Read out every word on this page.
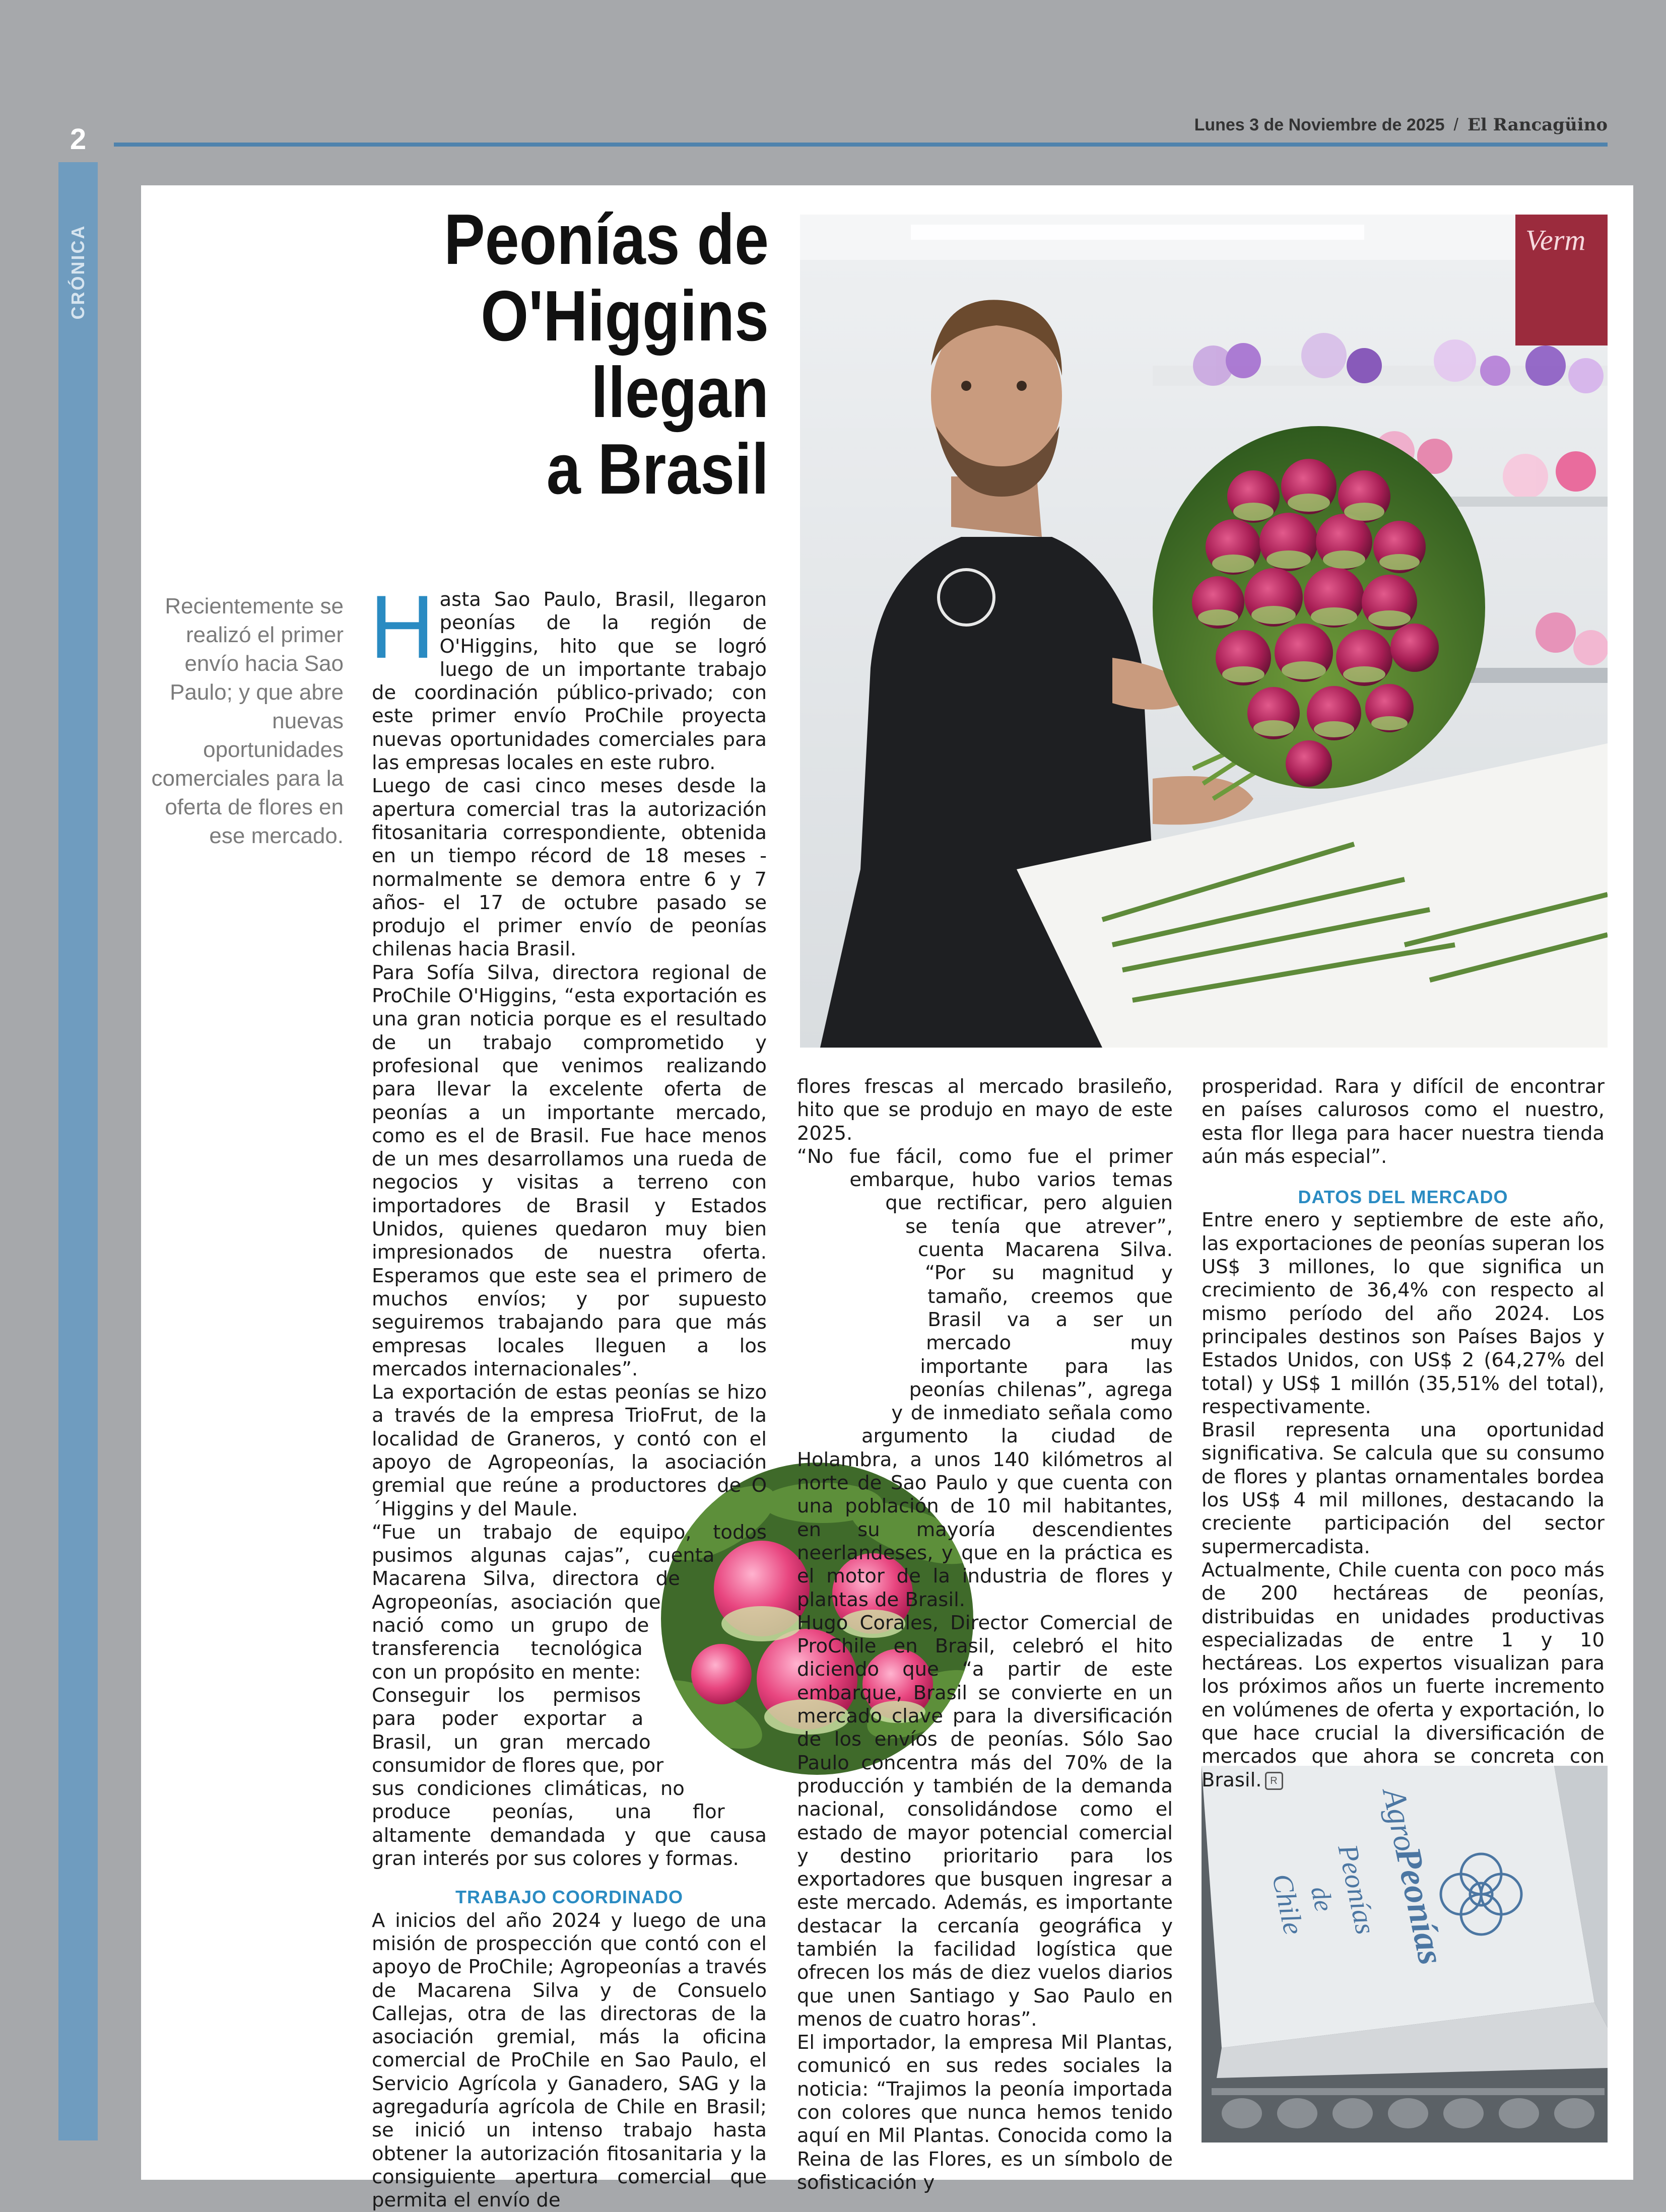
2
CRÓNICA
Lunes 3 de Noviembre de 2025 / El Rancagüino
Peonías de
O'Higgins
llegan
a Brasil
Recientemente se realizó el primer envío hacia Sao Paulo; y que abre nuevas oportunidades comerciales para la oferta de flores en ese mercado.
Verm
Agro
Peonías
Peonías
de
Chile
H asta Sao Paulo, Brasil, llegaron peonías de la región de O'Higgins, hito que se logró luego de un importante trabajo de coordinación público-privado; con este primer envío ProChile proyecta nuevas oportunidades comerciales para las empresas locales en este rubro.

Luego de casi cinco meses desde la apertura comercial tras la autorización fitosanitaria correspondiente, obtenida en un tiempo récord de 18 meses -normalmente se demora entre 6 y 7 años- el 17 de octubre pasado se produjo el primer envío de peonías chilenas hacia Brasil.

Para Sofía Silva, directora regional de ProChile O'Higgins, “esta exportación es una gran noticia porque es el resultado de un trabajo comprometido y profesional que venimos realizando para llevar la excelente oferta de peonías a un importante mercado, como es el de Brasil. Fue hace menos de un mes desarrollamos una rueda de negocios y visitas a terreno con importadores de Brasil y Estados Unidos, quienes quedaron muy bien impresionados de nuestra oferta. Esperamos que este sea el primero de muchos envíos; y por supuesto seguiremos trabajando para que más empresas locales lleguen a los mercados internacionales”.

La exportación de estas peonías se hizo a través de la empresa TrioFrut, de la localidad de Graneros, y contó con el apoyo de Agropeonías, la asociación gremial que reúne a productores de O´Higgins y del Maule.

“Fue un trabajo de equipo, todos pusimos algunas cajas”, cuenta Macarena Silva, directora de Agropeonías, asociación que nació como un grupo de transferencia tecnológica con un propósito en mente: Conseguir los permisos para poder exportar a Brasil, un gran mercado consumidor de flores que, por sus condiciones climáticas, no produce peonías, una flor altamente demandada y que causa gran interés por sus colores y formas.

TRABAJO COORDINADO

A inicios del año 2024 y luego de una misión de prospección que contó con el apoyo de ProChile; Agropeonías a través de Macarena Silva y de Consuelo Callejas, otra de las directoras de la asociación gremial, más la oficina comercial de ProChile en Sao Paulo, el Servicio Agrícola y Ganadero, SAG y la agregaduría agrícola de Chile en Brasil; se inició un intenso trabajo hasta obtener la autorización fitosanitaria y la consiguiente apertura comercial que permita el envío de

flores frescas al mercado brasileño, hito que se produjo en mayo de este 2025.

“No fue fácil, como fue el primer embarque, hubo varios temas que rectificar, pero alguien se tenía que atrever”, cuenta Macarena Silva. “Por su magnitud y tamaño, creemos que Brasil va a ser un mercado muy importante para las peonías chilenas”, agrega y de inmediato señala como argumento la ciudad de Holambra, a unos 140 kilómetros al norte de Sao Paulo y que cuenta con una población de 10 mil habitantes, en su mayoría descendientes neerlandeses, y que en la práctica es el motor de la industria de flores y plantas de Brasil.

Hugo Corales, Director Comercial de ProChile en Brasil, celebró el hito diciendo que “a partir de este embarque, Brasil se convierte en un mercado clave para la diversificación de los envíos de peonías. Sólo Sao Paulo concentra más del 70% de la producción y también de la demanda nacional, consolidándose como el estado de mayor potencial comercial y destino prioritario para los exportadores que busquen ingresar a este mercado. Además, es importante destacar la cercanía geográfica y también la facilidad logística que ofrecen los más de diez vuelos diarios que unen Santiago y Sao Paulo en menos de cuatro horas”.

El importador, la empresa Mil Plantas, comunicó en sus redes sociales la noticia: “Trajimos la peonía importada con colores que nunca hemos tenido aquí en Mil Plantas. Conocida como la Reina de las Flores, es un símbolo de sofisticación y

prosperidad. Rara y difícil de encontrar en países calurosos como el nuestro, esta flor llega para hacer nuestra tienda aún más especial”.

DATOS DEL MERCADO

Entre enero y septiembre de este año, las exportaciones de peonías superan los US$ 3 millones, lo que significa un crecimiento de 36,4% con respecto al mismo período del año 2024. Los principales destinos son Países Bajos y Estados Unidos, con US$ 2 (64,27% del total) y US$ 1 millón (35,51% del total), respectivamente.

Brasil representa una oportunidad significativa. Se calcula que su consumo de flores y plantas ornamentales bordea los US$ 4 mil millones, destacando la creciente participación del sector supermercadista.

Actualmente, Chile cuenta con poco más de 200 hectáreas de peonías, distribuidas en unidades productivas especializadas de entre 1 y 10 hectáreas. Los expertos visualizan para los próximos años un fuerte incremento en volúmenes de oferta y exportación, lo que hace crucial la diversificación de mercados que ahora se concreta con Brasil. R
